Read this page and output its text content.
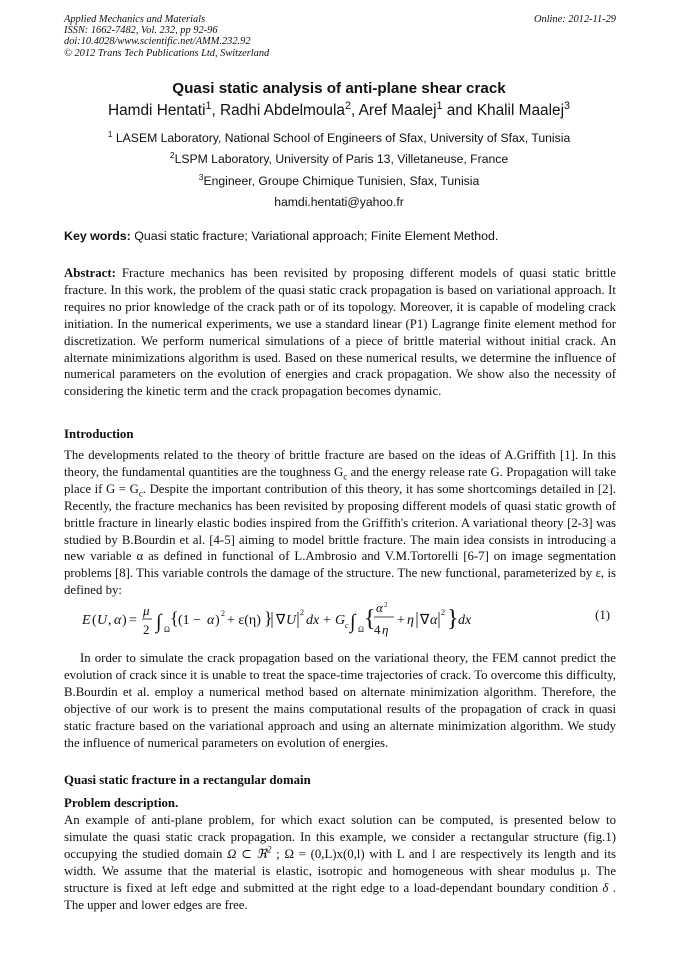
Applied Mechanics and Materials
ISSN: 1662-7482, Vol. 232, pp 92-96
doi:10.4028/www.scientific.net/AMM.232.92
© 2012 Trans Tech Publications Ltd, Switzerland
Online: 2012-11-29
Quasi static analysis of anti-plane shear crack
Hamdi Hentati$^1$, Radhi Abdelmoula$^2$, Aref Maalej$^1$ and Khalil Maalej$^3$
$^1$ LASEM Laboratory, National School of Engineers of Sfax, University of Sfax, Tunisia
$^2$LSPM Laboratory, University of Paris 13, Villetaneuse, France
$^3$Engineer, Groupe Chimique Tunisien, Sfax, Tunisia
hamdi.hentati@yahoo.fr
Key words: Quasi static fracture; Variational approach; Finite Element Method.
Abstract: Fracture mechanics has been revisited by proposing different models of quasi static brittle fracture. In this work, the problem of the quasi static crack propagation is based on variational approach. It requires no prior knowledge of the crack path or of its topology. Moreover, it is capable of modeling crack initiation. In the numerical experiments, we use a standard linear (P1) Lagrange finite element method for discretization. We perform numerical simulations of a piece of brittle material without initial crack. An alternate minimizations algorithm is used. Based on these numerical results, we determine the influence of numerical parameters on the evolution of energies and crack propagation. We show also the necessity of considering the kinetic term and the crack propagation becomes dynamic.
Introduction
The developments related to the theory of brittle fracture are based on the ideas of A.Griffith [1]. In this theory, the fundamental quantities are the toughness $G_c$ and the energy release rate G. Propagation will take place if $G = G_c$. Despite the important contribution of this theory, it has some shortcomings detailed in [2]. Recently, the fracture mechanics has been revisited by proposing different models of quasi static growth of brittle fracture in linearly elastic bodies inspired from the Griffith's criterion. A variational theory [2-3] was studied by B.Bourdin et al. [4-5] aiming to model brittle fracture. The main idea consists in introducing a new variable α as defined in functional of L.Ambrosio and V.M.Tortorelli [6-7] on image segmentation problems [8]. This variable controls the damage of the structure. The new functional, parameterized by ε, is defined by:
E ( U , α ) =
μ
2 ∫ Ω
{ (1 − α ) 2 + ε(η) } ∇ U
2
dx + G c ∫ Ω { α 2
4 η
+ η ∇ α
2 } dx	(1)
In order to simulate the crack propagation based on the variational theory, the FEM cannot predict the evolution of crack since it is unable to treat the space-time trajectories of crack. To overcome this difficulty, B.Bourdin et al. employ a numerical method based on alternate minimization algorithm. Therefore, the objective of our work is to present the mains computational results of the propagation of crack in quasi static fracture based on the variational approach and using an alternate minimization algorithm. We study the influence of numerical parameters on evolution of energies.
Quasi static fracture in a rectangular domain
Problem description.
An example of anti-plane problem, for which exact solution can be computed, is presented below to simulate the quasi static crack propagation. In this example, we consider a rectangular structure (fig.1) occupying the studied domain Ω ⊂ ℜ$^2$ ; Ω = (0,L)x(0,l) with L and l are respectively its length and its width. We assume that the material is elastic, isotropic and homogeneous with shear modulus μ. The structure is fixed at left edge and submitted at the right edge to a load-dependant boundary condition δ . The upper and lower edges are free.
